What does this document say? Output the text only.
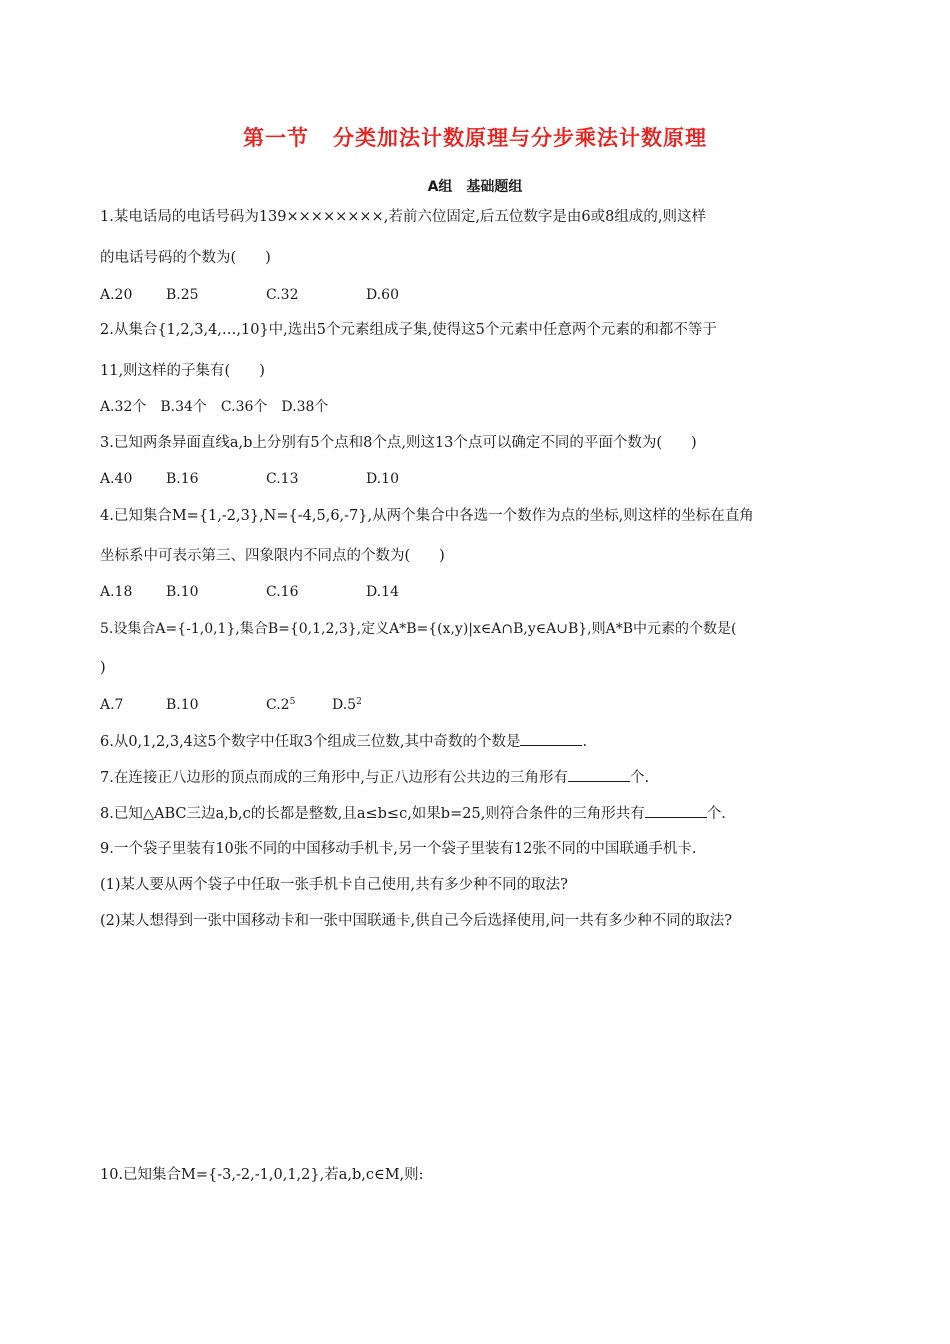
第一节 分类加法计数原理与分步乘法计数原理
A组 基础题组
1.某电话局的电话号码为139××××××××,若前六位固定,后五位数字是由6或8组成的,则这样
的电话号码的个数为(　　)
A.20 B.25	C.32	D.60
2.从集合{1,2,3,4,…,10}中,选出5个元素组成子集,使得这5个元素中任意两个元素的和都不等于
11,则这样的子集有(　　)
A.32个　B.34个　C.36个　D.38个
3.已知两条异面直线a,b上分别有5个点和8个点,则这13个点可以确定不同的平面个数为(　　)
A.40 B.16	C.13	D.10
4.已知集合M={1,-2,3},N={-4,5,6,-7},从两个集合中各选一个数作为点的坐标,则这样的坐标在直角
坐标系中可表示第三、四象限内不同点的个数为(　　)
A.18 B.10	C.16	D.14
5.设集合A={-1,0,1},集合B={0,1,2,3},定义A*B={(x,y)|x∈A∩B,y∈A∪B},则A*B中元素的个数是(
)
A.7	B.10	$C.2^5$	$D.5^2$
6.从0,1,2,3,4这5个数字中任取3个组成三位数,其中奇数的个数是	.
7.在连接正八边形的顶点而成的三角形中,与正八边形有公共边的三角形有	个.
8.已知△ABC三边a,b,c的长都是整数,且a≤b≤c,如果b=25,则符合条件的三角形共有	个.
9.一个袋子里装有10张不同的中国移动手机卡,另一个袋子里装有12张不同的中国联通手机卡.
(1)某人要从两个袋子中任取一张手机卡自己使用,共有多少种不同的取法?
(2)某人想得到一张中国移动卡和一张中国联通卡,供自己今后选择使用,问一共有多少种不同的取法?
10.已知集合M={-3,-2,-1,0,1,2},若a,b,c∈M,则:
